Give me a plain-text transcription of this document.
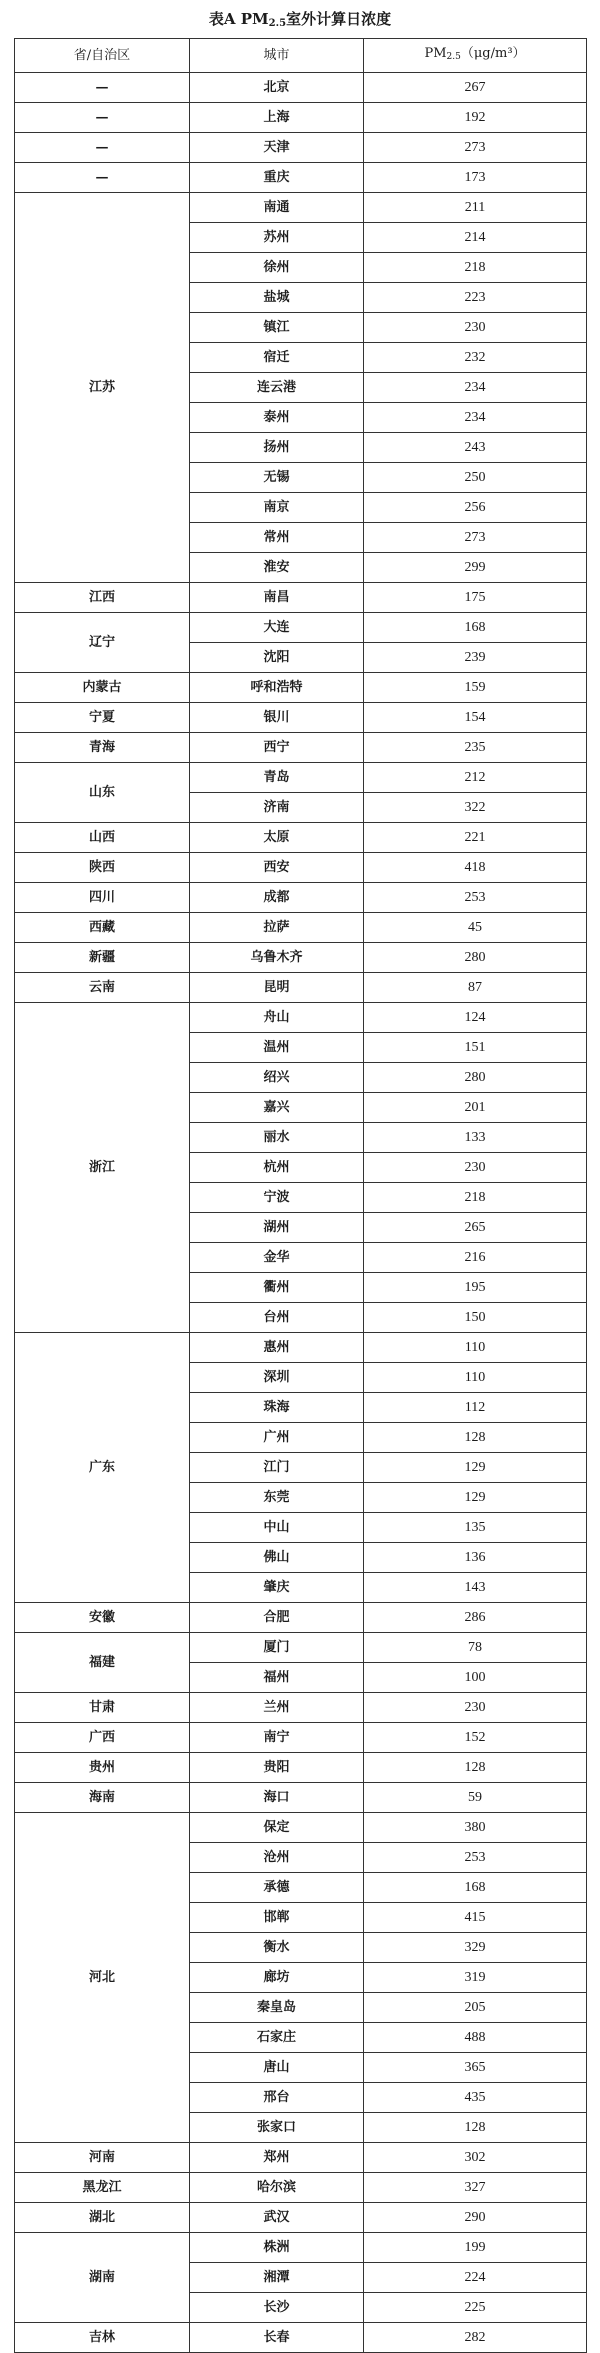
表A $PM_{2.5}$室外计算日浓度
省/自治区	城市	$PM_{2.5}(\mu g/m^3)$
—	北京	267
—	上海	192
—	天津	273
—	重庆	173
江苏	南通	211
	苏州	214
	徐州	218
	盐城	223
	镇江	230
	宿迁	232
	连云港	234
	泰州	234
	扬州	243
	无锡	250
	南京	256
	常州	273
	淮安	299
江西	南昌	175
辽宁	大连	168
	沈阳	239
内蒙古	呼和浩特	159
宁夏	银川	154
青海	西宁	235
山东	青岛	212
	济南	322
山西	太原	221
陕西	西安	418
四川	成都	253
西藏	拉萨	45
新疆	乌鲁木齐	280
云南	昆明	87
浙江	舟山	124
	温州	151
	绍兴	280
	嘉兴	201
	丽水	133
	杭州	230
	宁波	218
	湖州	265
	金华	216
	衢州	195
	台州	150
广东	惠州	110
	深圳	110
	珠海	112
	广州	128
	江门	129
	东莞	129
	中山	135
	佛山	136
	肇庆	143
安徽	合肥	286
福建	厦门	78
	福州	100
甘肃	兰州	230
广西	南宁	152
贵州	贵阳	128
海南	海口	59
河北	保定	380
	沧州	253
	承德	168
	邯郸	415
	衡水	329
	廊坊	319
	秦皇岛	205
	石家庄	488
	唐山	365
	邢台	435
	张家口	128
河南	郑州	302
黑龙江	哈尔滨	327
湖北	武汉	290
湖南	株洲	199
	湘潭	224
	长沙	225
吉林	长春	282
